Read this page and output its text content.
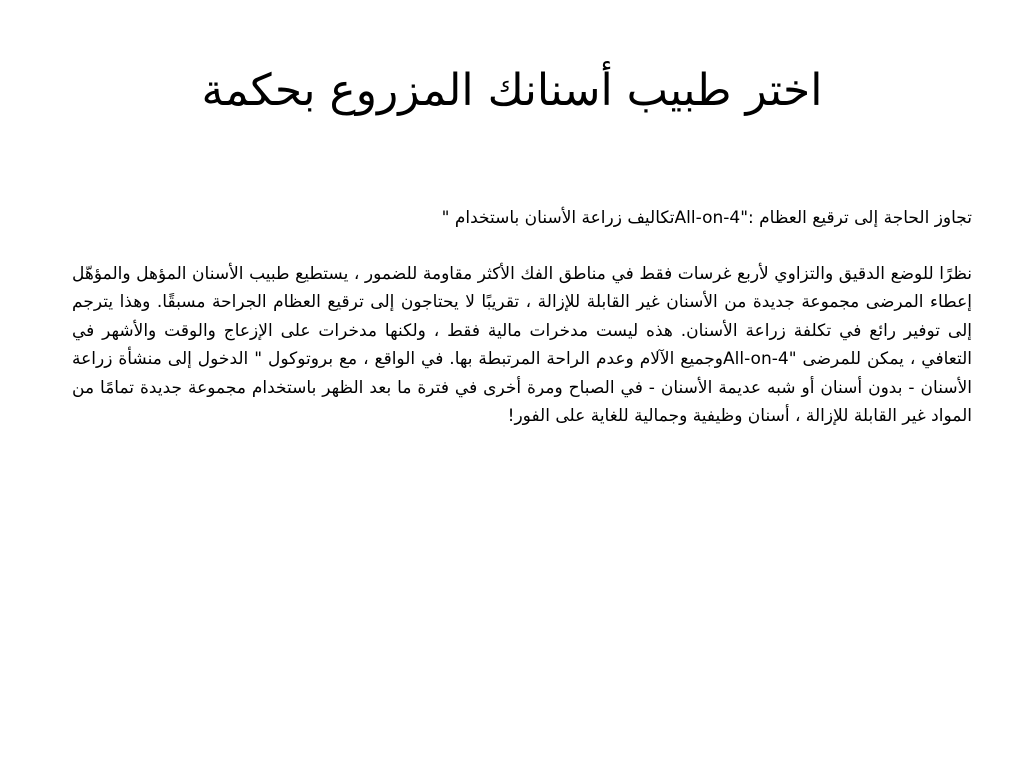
اختر طبيب أسنانك المزروع بحكمة

تجاوز الحاجة إلى ترقيع العظام :"All-on-4تكاليف زراعة الأسنان باستخدام "

نظرًا للوضع الدقيق والتزاوي لأربع غرسات فقط في مناطق الفك الأكثر مقاومة للضمور ، يستطيع طبيب الأسنان المؤهل والمؤهّل إعطاء المرضى مجموعة جديدة من الأسنان غير القابلة للإزالة ، تقريبًا لا يحتاجون إلى ترقيع العظام الجراحة مسبقًا. وهذا يترجم إلى توفير رائع في تكلفة زراعة الأسنان. هذه ليست مدخرات مالية فقط ، ولكنها مدخرات على الإزعاج والوقت والأشهر في التعافي ، يمكن للمرضى "All-on-4وجميع الآلام وعدم الراحة المرتبطة بها. في الواقع ، مع بروتوكول " الدخول إلى منشأة زراعة الأسنان - بدون أسنان أو شبه عديمة الأسنان - في الصباح ومرة أخرى في فترة ما بعد الظهر باستخدام مجموعة جديدة تمامًا من المواد غير القابلة للإزالة ، أسنان وظيفية وجمالية للغاية على الفور!
